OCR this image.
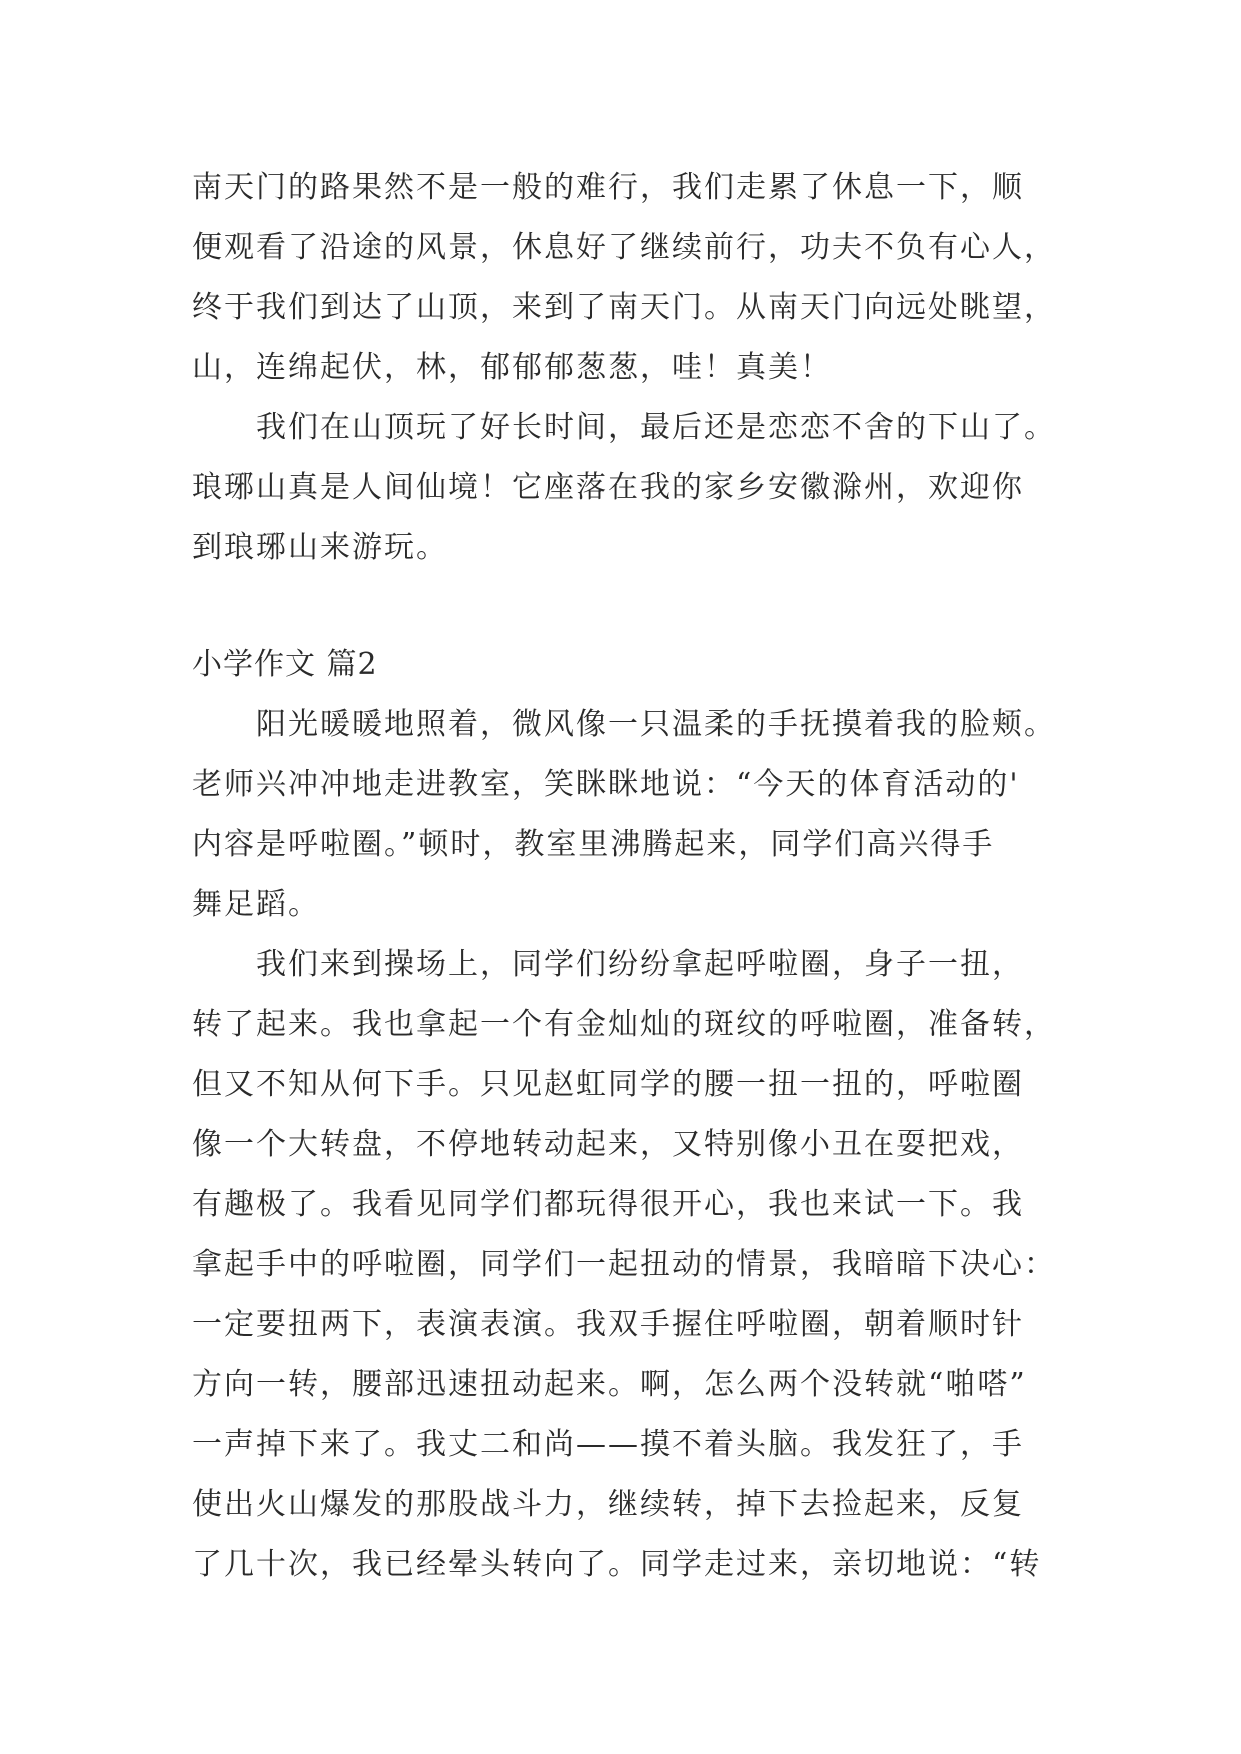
南天门的路果然不是一般的难行，我们走累了休息一下，顺
便观看了沿途的风景，休息好了继续前行，功夫不负有心人，
终于我们到达了山顶，来到了南天门。从南天门向远处眺望，
山，连绵起伏，林，郁郁郁葱葱，哇！真美！
我们在山顶玩了好长时间，最后还是恋恋不舍的下山了。
琅琊山真是人间仙境！它座落在我的家乡安徽滁州，欢迎你
到琅琊山来游玩。
小学作文 篇2
阳光暖暖地照着，微风像一只温柔的手抚摸着我的脸颊。
老师兴冲冲地走进教室，笑眯眯地说：“今天的体育活动的'
内容是呼啦圈。”顿时，教室里沸腾起来，同学们高兴得手
舞足蹈。
我们来到操场上，同学们纷纷拿起呼啦圈，身子一扭，
转了起来。我也拿起一个有金灿灿的斑纹的呼啦圈，准备转，
但又不知从何下手。只见赵虹同学的腰一扭一扭的，呼啦圈
像一个大转盘，不停地转动起来，又特别像小丑在耍把戏，
有趣极了。我看见同学们都玩得很开心，我也来试一下。我
拿起手中的呼啦圈，同学们一起扭动的情景，我暗暗下决心：
一定要扭两下，表演表演。我双手握住呼啦圈，朝着顺时针
方向一转，腰部迅速扭动起来。啊，怎么两个没转就“啪嗒”
一声掉下来了。我丈二和尚——摸不着头脑。我发狂了，手
使出火山爆发的那股战斗力，继续转，掉下去捡起来，反复
了几十次，我已经晕头转向了。同学走过来，亲切地说：“转
